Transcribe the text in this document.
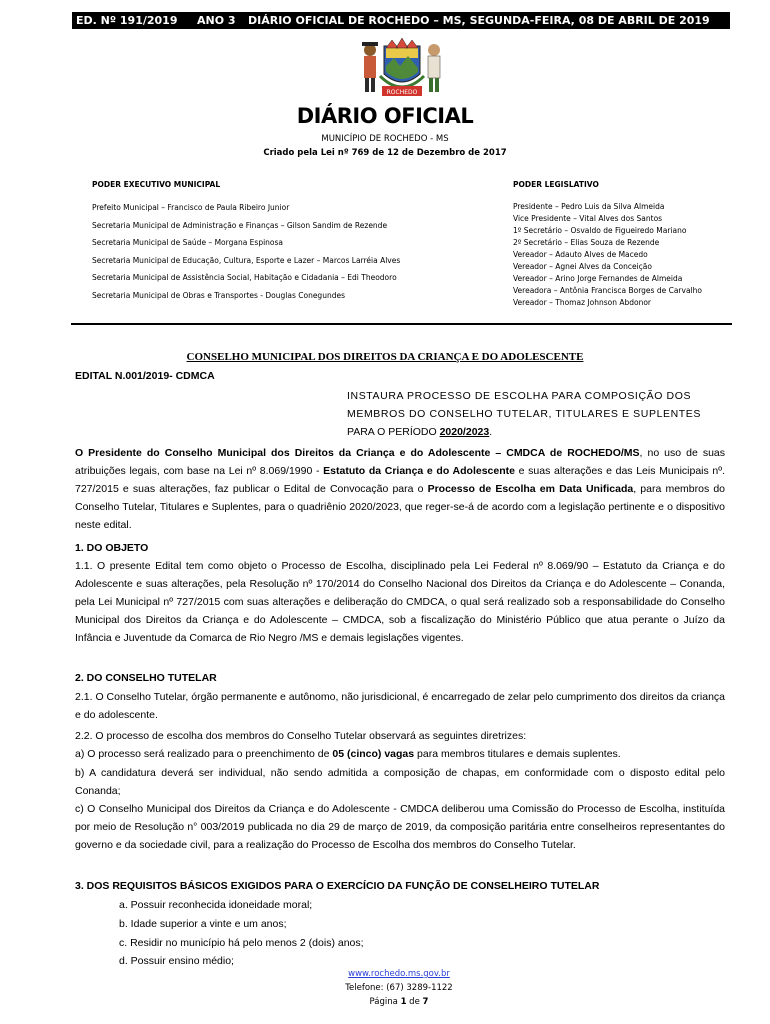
ED. Nº 191/2019 ANO 3 DIÁRIO OFICIAL DE ROCHEDO – MS, SEGUNDA-FEIRA, 08 DE ABRIL DE 2019
ROCHEDO
DIÁRIO OFICIAL
MUNICÍPIO DE ROCHEDO - MS
Criado pela Lei nº 769 de 12 de Dezembro de 2017
PODER EXECUTIVO MUNICIPAL
Prefeito Municipal – Francisco de Paula Ribeiro Junior
Secretaria Municipal de Administração e Finanças – Gilson Sandim de Rezende
Secretaria Municipal de Saúde – Morgana Espinosa
Secretaria Municipal de Educação, Cultura, Esporte e Lazer – Marcos Larréia Alves
Secretaria Municipal de Assistência Social, Habitação e Cidadania – Edi Theodoro
Secretaria Municipal de Obras e Transportes - Douglas Conegundes
PODER LEGISLATIVO
Presidente – Pedro Luis da Silva Almeida
Vice Presidente – Vital Alves dos Santos
1º Secretário – Osvaldo de Figueiredo Mariano
2º Secretário – Elias Souza de Rezende
Vereador – Adauto Alves de Macedo
Vereador – Agnei Alves da Conceição
Vereador – Arino Jorge Fernandes de Almeida
Vereadora – Antônia Francisca Borges de Carvalho
Vereador – Thomaz Johnson Abdonor
CONSELHO MUNICIPAL DOS DIREITOS DA CRIANÇA E DO ADOLESCENTE
EDITAL N.001/2019- CDMCA
INSTAURA PROCESSO DE ESCOLHA PARA COMPOSIÇÃO DOS
MEMBROS DO CONSELHO TUTELAR, TITULARES E SUPLENTES
PARA O PERÍODO 2020/2023.

O Presidente do Conselho Municipal dos Direitos da Criança e do Adolescente – CMDCA de ROCHEDO/MS, no uso de suas atribuições legais, com base na Lei nº 8.069/1990 - Estatuto da Criança e do Adolescente e suas alterações e das Leis Municipais nº. 727/2015 e suas alterações, faz publicar o Edital de Convocação para o Processo de Escolha em Data Unificada, para membros do Conselho Tutelar, Titulares e Suplentes, para o quadriênio 2020/2023, que reger-se-á de acordo com a legislação pertinente e o dispositivo neste edital.

1. DO OBJETO

1.1. O presente Edital tem como objeto o Processo de Escolha, disciplinado pela Lei Federal nº 8.069/90 – Estatuto da Criança e do Adolescente e suas alterações, pela Resolução nº 170/2014 do Conselho Nacional dos Direitos da Criança e do Adolescente – Conanda, pela Lei Municipal nº 727/2015 com suas alterações e deliberação do CMDCA, o qual será realizado sob a responsabilidade do Conselho Municipal dos Direitos da Criança e do Adolescente – CMDCA, sob a fiscalização do Ministério Público que atua perante o Juízo da Infância e Juventude da Comarca de Rio Negro /MS e demais legislações vigentes.

2. DO CONSELHO TUTELAR

2.1. O Conselho Tutelar, órgão permanente e autônomo, não jurisdicional, é encarregado de zelar pelo cumprimento dos direitos da criança e do adolescente.

2.2. O processo de escolha dos membros do Conselho Tutelar observará as seguintes diretrizes:
a) O processo será realizado para o preenchimento de 05 (cinco) vagas para membros titulares e demais suplentes.

b) A candidatura deverá ser individual, não sendo admitida a composição de chapas, em conformidade com o disposto edital pelo Conanda;

c) O Conselho Municipal dos Direitos da Criança e do Adolescente - CMDCA deliberou uma Comissão do Processo de Escolha, instituída por meio de Resolução n° 003/2019 publicada no dia 29 de março de 2019, da composição paritária entre conselheiros representantes do governo e da sociedade civil, para a realização do Processo de Escolha dos membros do Conselho Tutelar.

3. DOS REQUISITOS BÁSICOS EXIGIDOS PARA O EXERCÍCIO DA FUNÇÃO DE CONSELHEIRO TUTELAR
a. Possuir reconhecida idoneidade moral;
b. Idade superior a vinte e um anos;
c. Residir no município há pelo menos 2 (dois) anos;
d. Possuir ensino médio;
www.rochedo.ms.gov.br
Telefone: (67) 3289-1122
Página 1 de 7
